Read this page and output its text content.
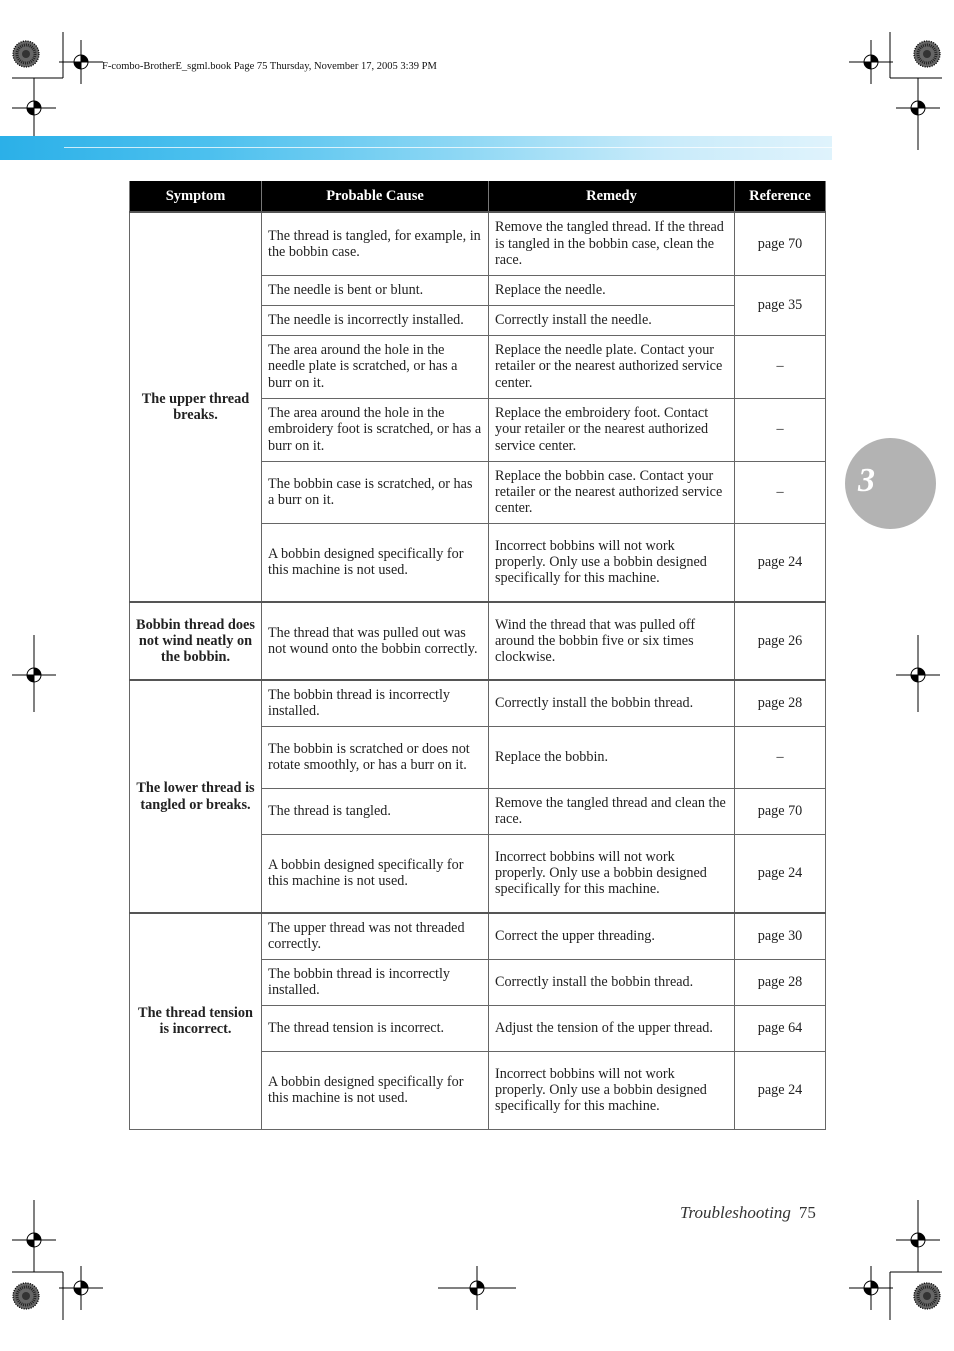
F-combo-BrotherE_sgml.book Page 75 Thursday, November 17, 2005 3:39 PM
3
Symptom	Probable Cause	Remedy	Reference
The upper thread breaks.	The thread is tangled, for example, in the bobbin case.	Remove the tangled thread. If the thread is tangled in the bobbin case, clean the race.	page 70
	The needle is bent or blunt.	Replace the needle.	page 35
	The needle is incorrectly installed.	Correctly install the needle.	
	The area around the hole in the needle plate is scratched, or has a burr on it.	Replace the needle plate. Contact your retailer or the nearest authorized service center.	–
	The area around the hole in the embroidery foot is scratched, or has a burr on it.	Replace the embroidery foot. Contact your retailer or the nearest authorized service center.	–
	The bobbin case is scratched, or has a burr on it.	Replace the bobbin case. Contact your retailer or the nearest authorized service center.	–
	A bobbin designed specifically for this machine is not used.	Incorrect bobbins will not work properly. Only use a bobbin designed specifically for this machine.	page 24
Bobbin thread does not wind neatly on the bobbin.	The thread that was pulled out was not wound onto the bobbin correctly.	Wind the thread that was pulled off around the bobbin five or six times clockwise.	page 26
The lower thread is tangled or breaks.	The bobbin thread is incorrectly installed.	Correctly install the bobbin thread.	page 28
	The bobbin is scratched or does not rotate smoothly, or has a burr on it.	Replace the bobbin.	–
	The thread is tangled.	Remove the tangled thread and clean the race.	page 70
	A bobbin designed specifically for this machine is not used.	Incorrect bobbins will not work properly. Only use a bobbin designed specifically for this machine.	page 24
The thread tension is incorrect.	The upper thread was not threaded correctly.	Correct the upper threading.	page 30
	The bobbin thread is incorrectly installed.	Correctly install the bobbin thread.	page 28
	The thread tension is incorrect.	Adjust the tension of the upper thread.	page 64
	A bobbin designed specifically for this machine is not used.	Incorrect bobbins will not work properly. Only use a bobbin designed specifically for this machine.	page 24
Troubleshooting 75
